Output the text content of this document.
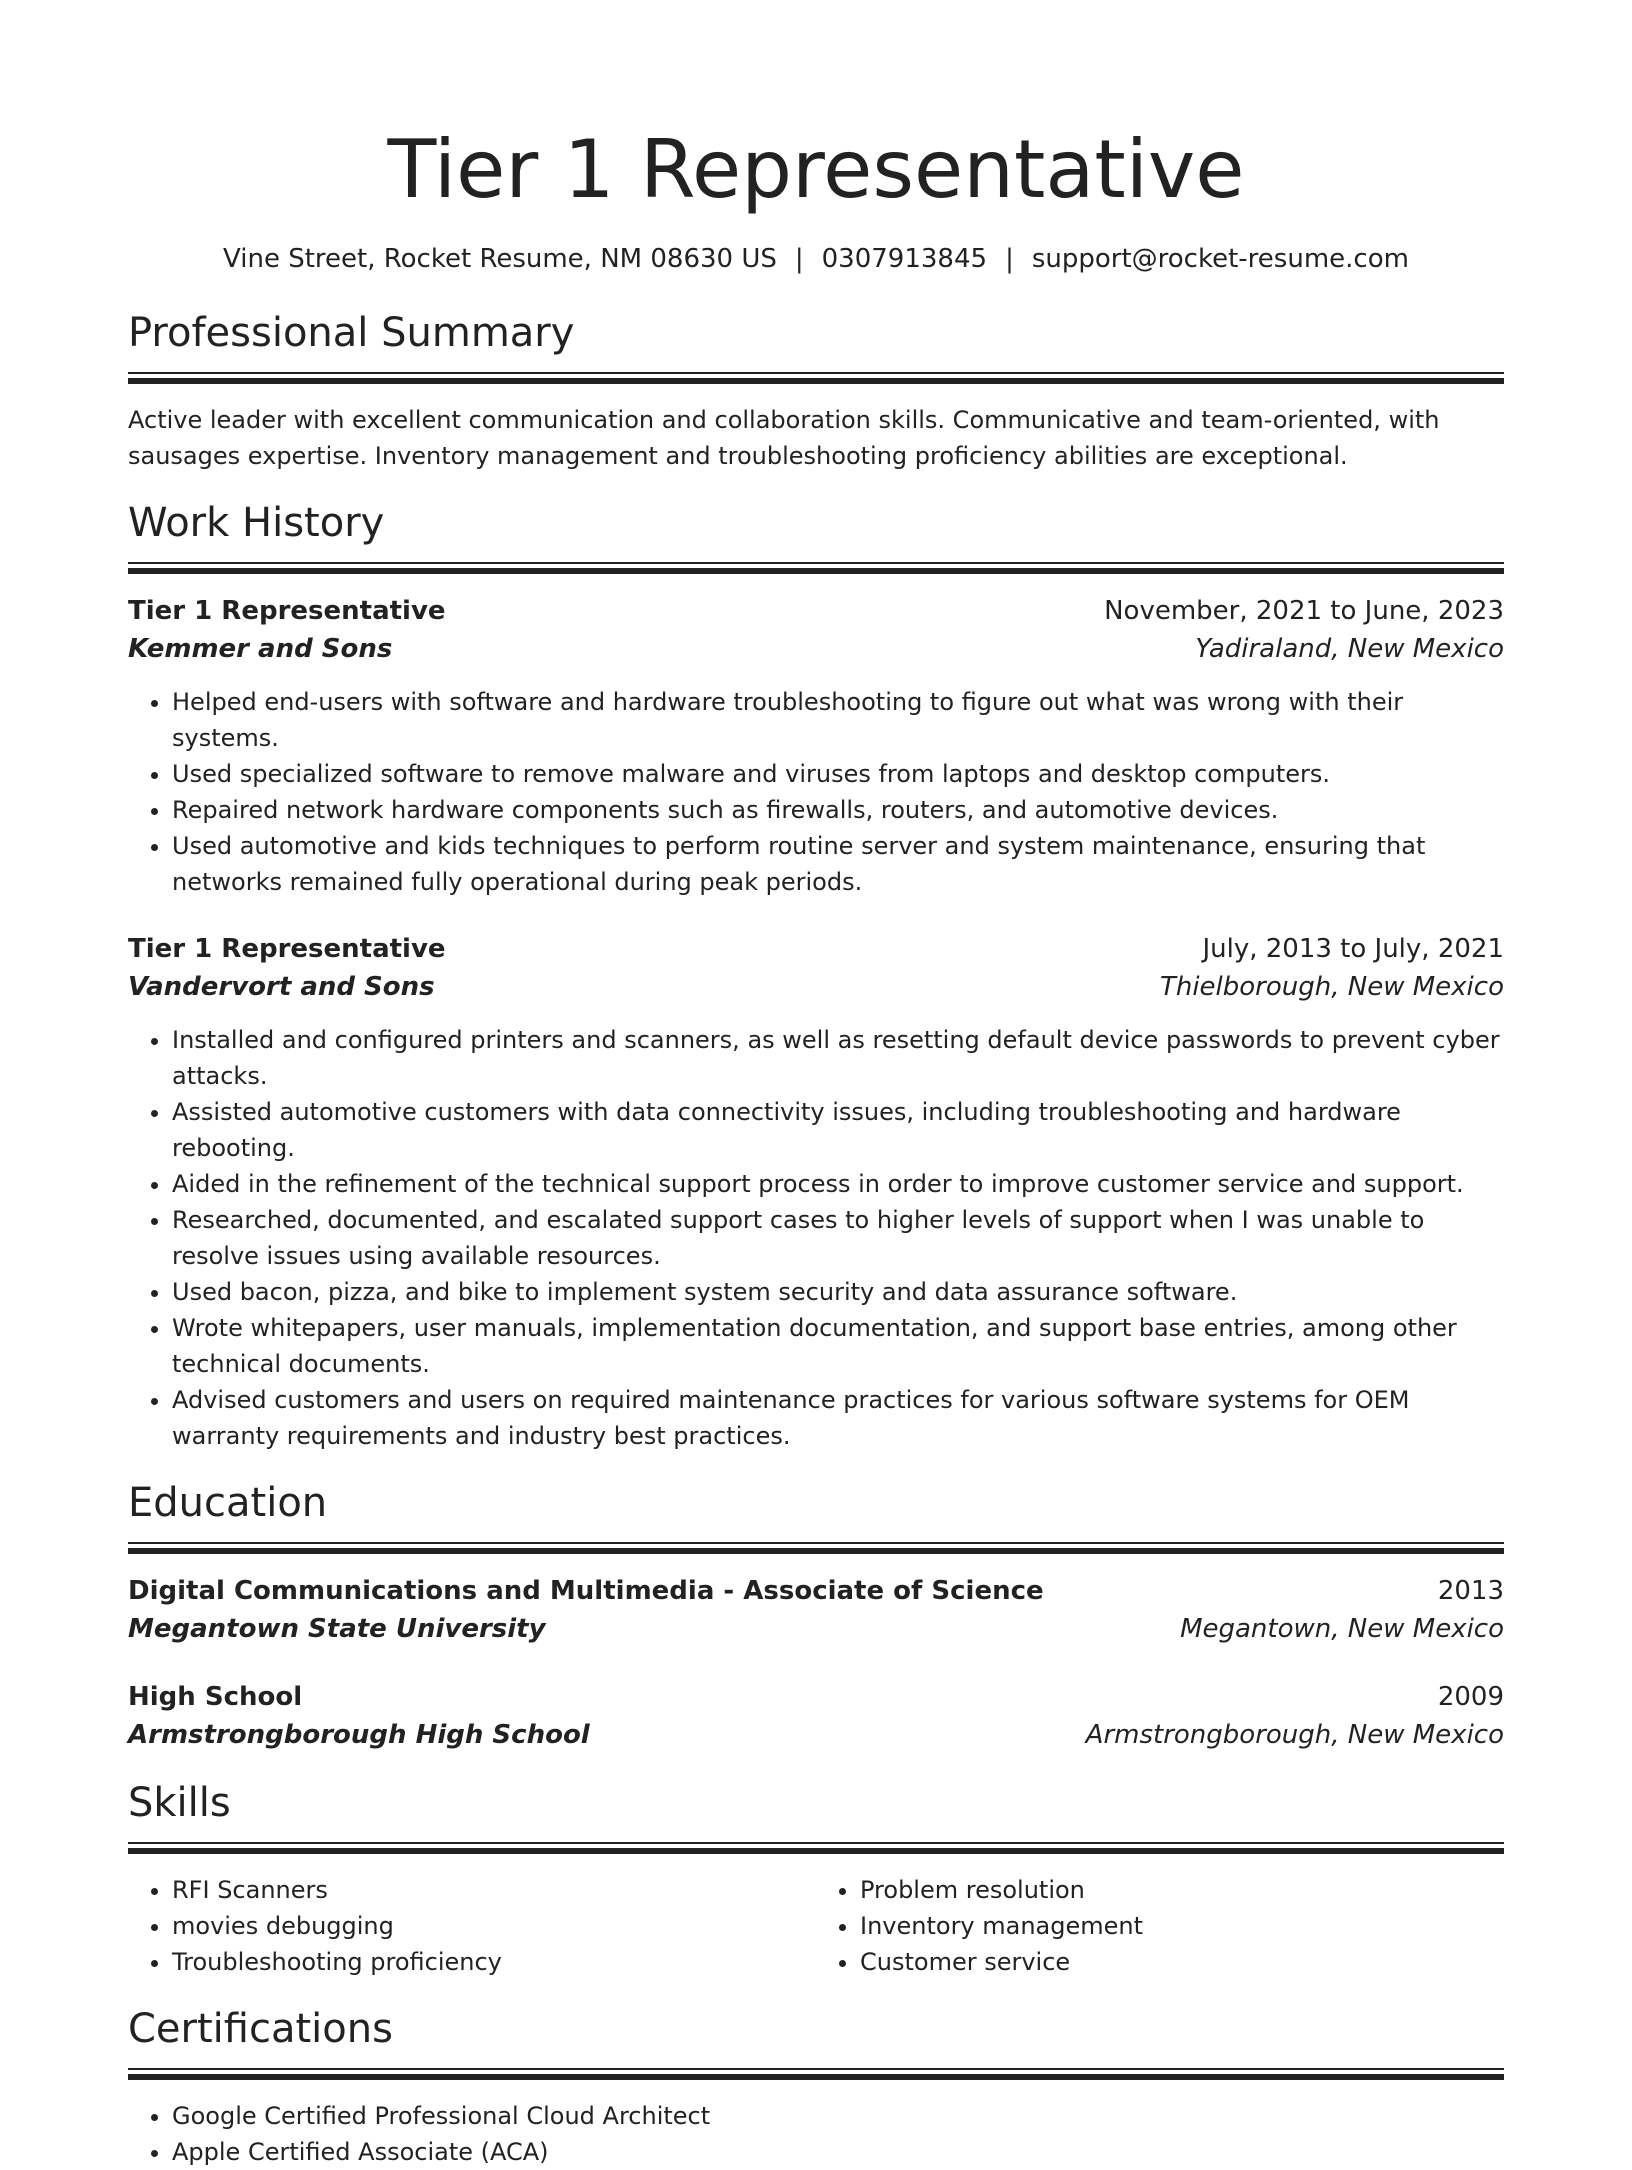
Tier 1 Representative
Vine Street, Rocket Resume, NM 08630 US | 0307913845 | support@rocket-resume.com
Professional Summary

Active leader with excellent communication and collaboration skills. Communicative and team-oriented, with sausages expertise. Inventory management and troubleshooting proficiency abilities are exceptional.

Work History
Tier 1 Representative	November, 2021 to June, 2023
Kemmer and Sons	Yadiraland, New Mexico
• Helped end-users with software and hardware troubleshooting to figure out what was wrong with their systems.
• Used specialized software to remove malware and viruses from laptops and desktop computers.
• Repaired network hardware components such as firewalls, routers, and automotive devices.
• Used automotive and kids techniques to perform routine server and system maintenance, ensuring that networks remained fully operational during peak periods.
Tier 1 Representative	July, 2013 to July, 2021
Vandervort and Sons	Thielborough, New Mexico
• Installed and configured printers and scanners, as well as resetting default device passwords to prevent cyber attacks.
• Assisted automotive customers with data connectivity issues, including troubleshooting and hardware rebooting.
• Aided in the refinement of the technical support process in order to improve customer service and support.
• Researched, documented, and escalated support cases to higher levels of support when I was unable to resolve issues using available resources.
• Used bacon, pizza, and bike to implement system security and data assurance software.
• Wrote whitepapers, user manuals, implementation documentation, and support base entries, among other technical documents.
• Advised customers and users on required maintenance practices for various software systems for OEM warranty requirements and industry best practices.
Education
Digital Communications and Multimedia - Associate of Science	2013
Megantown State University	Megantown, New Mexico
High School	2009
Armstrongborough High School	Armstrongborough, New Mexico
Skills
• RFI Scanners
• movies debugging
• Troubleshooting proficiency
• Problem resolution
• Inventory management
• Customer service
Certifications
• Google Certified Professional Cloud Architect
• Apple Certified Associate (ACA)
